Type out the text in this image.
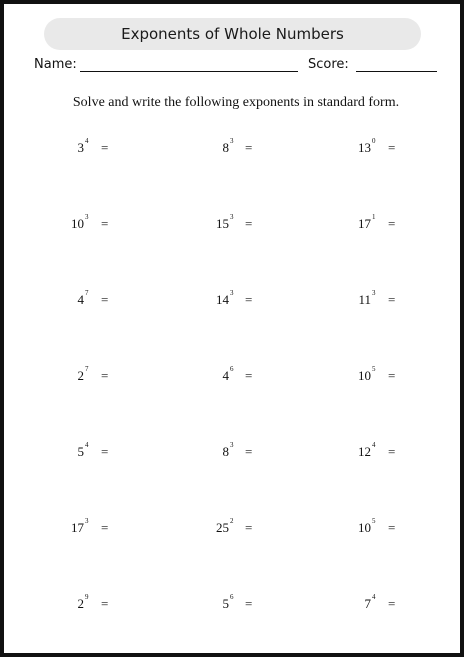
Exponents of Whole Numbers
Name:	Score:
Solve and write the following exponents in standard form.
3 4 =	8 3 =	13 0 =
10 3 =	15 3 =	17 1 =
4 7 =	14 3 =	11 3 =
2 7 =	4 6 =	10 5 =
5 4 =	8 3 =	12 4 =
17 3 =	25 2 =	10 5 =
2 9 =	5 6 =	7 4 =
